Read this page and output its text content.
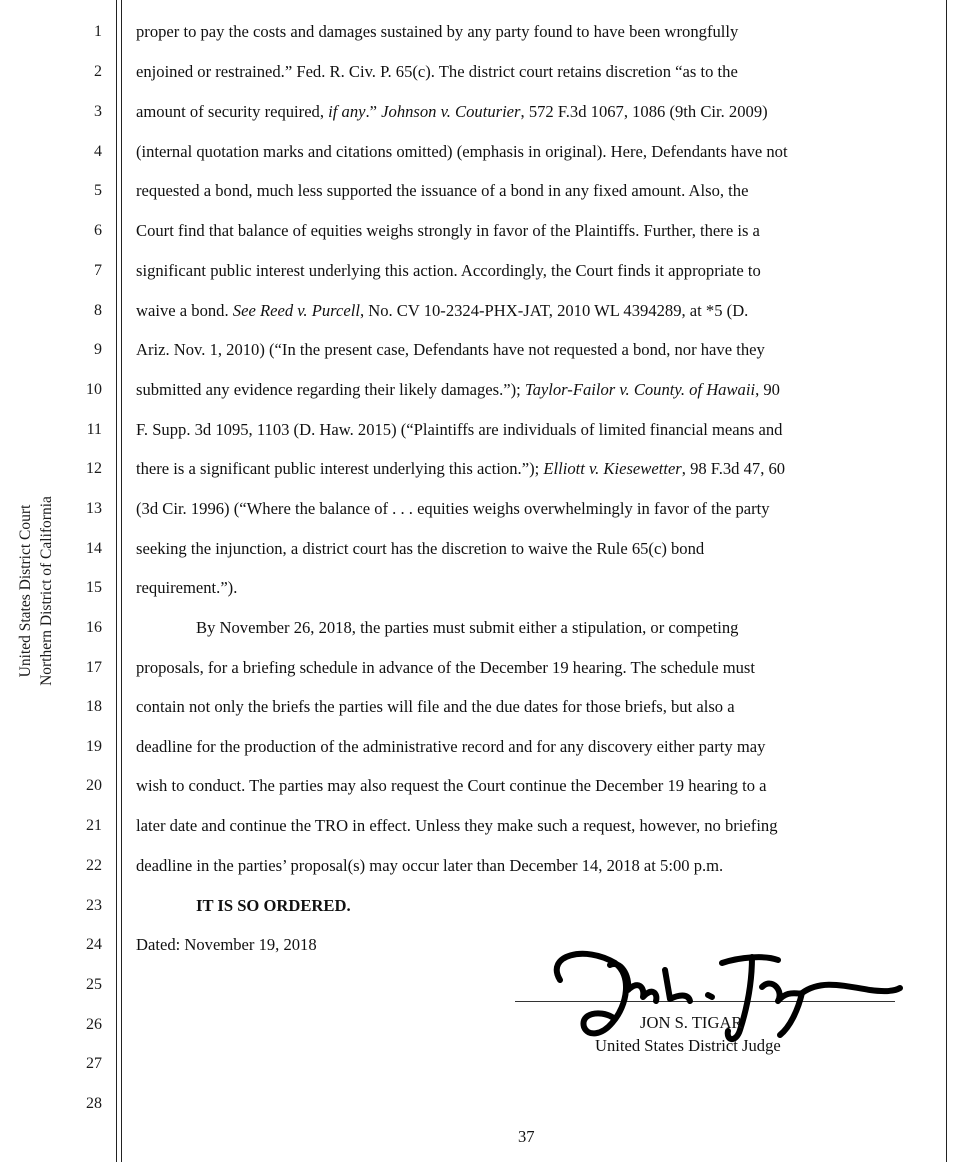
United States District Court Northern District of California
1
2
3
4
5
6
7
8
9
10
11
12
13
14
15
16
17
18
19
20
21
22
23
24
25
26
27
28
proper to pay the costs and damages sustained by any party found to have been wrongfully
enjoined or restrained.” Fed. R. Civ. P. 65(c). The district court retains discretion “as to the
amount of security required, if any.” Johnson v. Couturier, 572 F.3d 1067, 1086 (9th Cir. 2009)
(internal quotation marks and citations omitted) (emphasis in original). Here, Defendants have not
requested a bond, much less supported the issuance of a bond in any fixed amount. Also, the
Court find that balance of equities weighs strongly in favor of the Plaintiffs. Further, there is a
significant public interest underlying this action. Accordingly, the Court finds it appropriate to
waive a bond. See Reed v. Purcell, No. CV 10-2324-PHX-JAT, 2010 WL 4394289, at *5 (D.
Ariz. Nov. 1, 2010) (“In the present case, Defendants have not requested a bond, nor have they
submitted any evidence regarding their likely damages.”); Taylor-Failor v. County. of Hawaii, 90
F. Supp. 3d 1095, 1103 (D. Haw. 2015) (“Plaintiffs are individuals of limited financial means and
there is a significant public interest underlying this action.”); Elliott v. Kiesewetter, 98 F.3d 47, 60
(3d Cir. 1996) (“Where the balance of . . . equities weighs overwhelmingly in favor of the party
seeking the injunction, a district court has the discretion to waive the Rule 65(c) bond
requirement.”).
By November 26, 2018, the parties must submit either a stipulation, or competing
proposals, for a briefing schedule in advance of the December 19 hearing. The schedule must
contain not only the briefs the parties will file and the due dates for those briefs, but also a
deadline for the production of the administrative record and for any discovery either party may
wish to conduct. The parties may also request the Court continue the December 19 hearing to a
later date and continue the TRO in effect. Unless they make such a request, however, no briefing
deadline in the parties’ proposal(s) may occur later than December 14, 2018 at 5:00 p.m.
IT IS SO ORDERED.
Dated: November 19, 2018
JON S. TIGAR
United States District Judge
37
